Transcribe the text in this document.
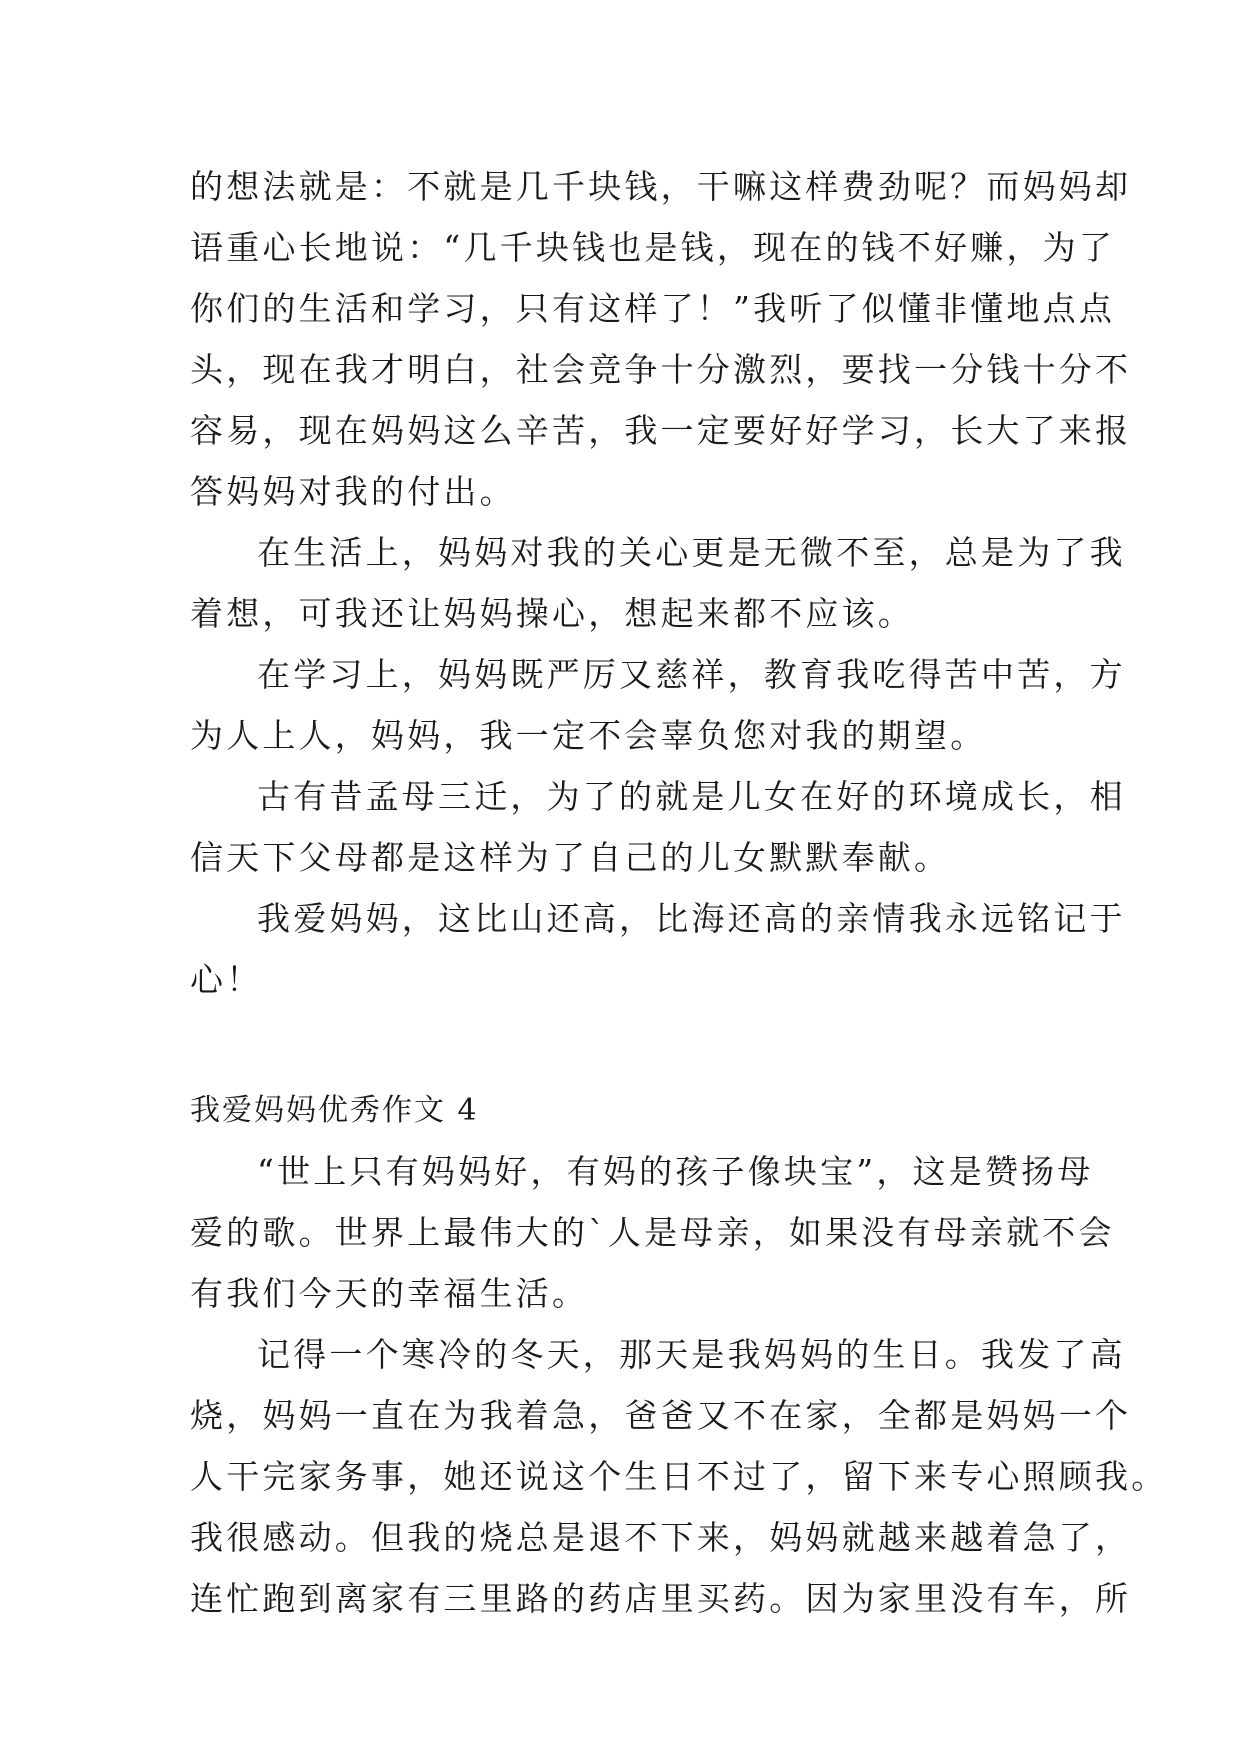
的想法就是：不就是几千块钱，干嘛这样费劲呢？而妈妈却
语重心长地说：“几千块钱也是钱，现在的钱不好赚，为了
你们的生活和学习，只有这样了！”我听了似懂非懂地点点
头，现在我才明白，社会竞争十分激烈，要找一分钱十分不
容易，现在妈妈这么辛苦，我一定要好好学习，长大了来报
答妈妈对我的付出。
在生活上，妈妈对我的关心更是无微不至，总是为了我
着想，可我还让妈妈操心，想起来都不应该。
在学习上，妈妈既严厉又慈祥，教育我吃得苦中苦，方
为人上人，妈妈，我一定不会辜负您对我的期望。
古有昔孟母三迁，为了的就是儿女在好的环境成长，相
信天下父母都是这样为了自己的儿女默默奉献。
我爱妈妈，这比山还高，比海还高的亲情我永远铭记于
心！
我爱妈妈优秀作文 4
“世上只有妈妈好，有妈的孩子像块宝”，这是赞扬母
爱的歌。世界上最伟大的`人是母亲，如果没有母亲就不会
有我们今天的幸福生活。
记得一个寒冷的冬天，那天是我妈妈的生日。我发了高
烧，妈妈一直在为我着急，爸爸又不在家，全都是妈妈一个
人干完家务事，她还说这个生日不过了，留下来专心照顾我。
我很感动。但我的烧总是退不下来，妈妈就越来越着急了，
连忙跑到离家有三里路的药店里买药。因为家里没有车，所
